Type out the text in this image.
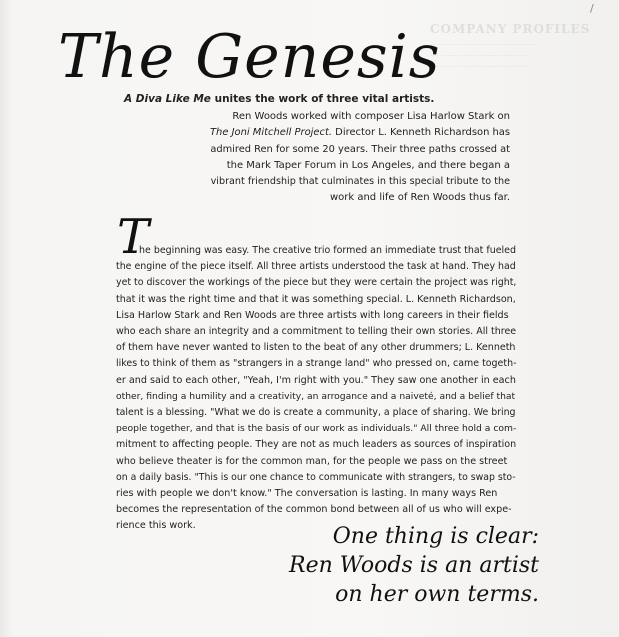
COMPANY PROFILES
................................................
.............................................
.............................................
/
The Genesis
A Diva Like Me unites the work of three vital artists.
Ren Woods worked with composer Lisa Harlow Stark on
The Joni Mitchell Project. Director L. Kenneth Richardson has
admired Ren for some 20 years. Their three paths crossed at
the Mark Taper Forum in Los Angeles, and there began a
vibrant friendship that culminates in this special tribute to the
work and life of Ren Woods thus far.
T
he beginning was easy. The creative trio formed an immediate trust that fueled
the engine of the piece itself. All three artists understood the task at hand. They had
yet to discover the workings of the piece but they were certain the project was right,
that it was the right time and that it was something special. L. Kenneth Richardson,
Lisa Harlow Stark and Ren Woods are three artists with long careers in their fields
who each share an integrity and a commitment to telling their own stories. All three
of them have never wanted to listen to the beat of any other drummers; L. Kenneth
likes to think of them as "strangers in a strange land" who pressed on, came togeth-
er and said to each other, "Yeah, I'm right with you." They saw one another in each
other, finding a humility and a creativity, an arrogance and a naiveté, and a belief that
talent is a blessing. "What we do is create a community, a place of sharing. We bring
people together, and that is the basis of our work as individuals." All three hold a com-
mitment to affecting people. They are not as much leaders as sources of inspiration
who believe theater is for the common man, for the people we pass on the street
on a daily basis. "This is our one chance to communicate with strangers, to swap sto-
ries with people we don't know." The conversation is lasting. In many ways Ren
becomes the representation of the common bond between all of us who will expe-
rience this work.	One thing is clear:
Ren Woods is an artist
on her own terms.
